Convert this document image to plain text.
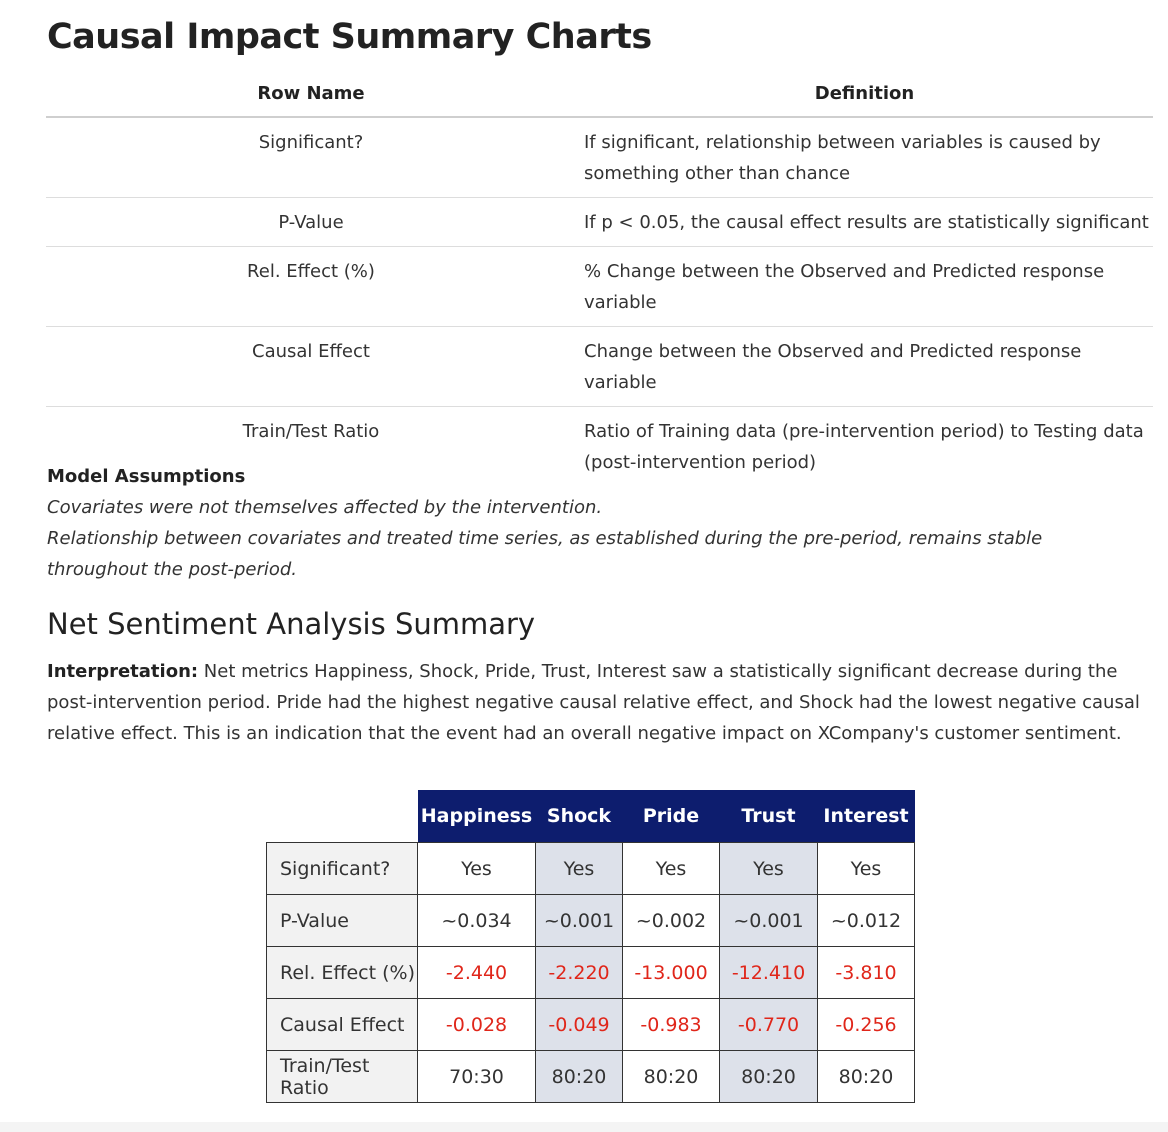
Causal Impact Summary Charts
Row Name	Definition
Significant?	If significant, relationship between variables is caused by something other than chance
P-Value	If p < 0.05, the causal effect results are statistically significant
Rel. Effect (%)	% Change between the Observed and Predicted response variable
Causal Effect	Change between the Observed and Predicted response variable
Train/Test Ratio	Ratio of Training data (pre-intervention period) to Testing data (post-intervention period)
Model Assumptions
Covariates were not themselves affected by the intervention.
Relationship between covariates and treated time series, as established during the pre-period, remains stable throughout the post-period.
Net Sentiment Analysis Summary

Interpretation: Net metrics Happiness, Shock, Pride, Trust, Interest saw a statistically significant decrease during the post-intervention period. Pride had the highest negative causal relative effect, and Shock had the lowest negative causal relative effect. This is an indication that the event had an overall negative impact on XCompany's customer sentiment.

	Happiness	Shock	Pride	Trust	Interest
Significant?	Yes	Yes	Yes	Yes	Yes
P-Value	~0.034	~0.001	~0.002	~0.001	~0.012
Rel. Effect (%)	-2.440	-2.220	-13.000	-12.410	-3.810
Causal Effect	-0.028	-0.049	-0.983	-0.770	-0.256
Train/Test Ratio	70:30	80:20	80:20	80:20	80:20
